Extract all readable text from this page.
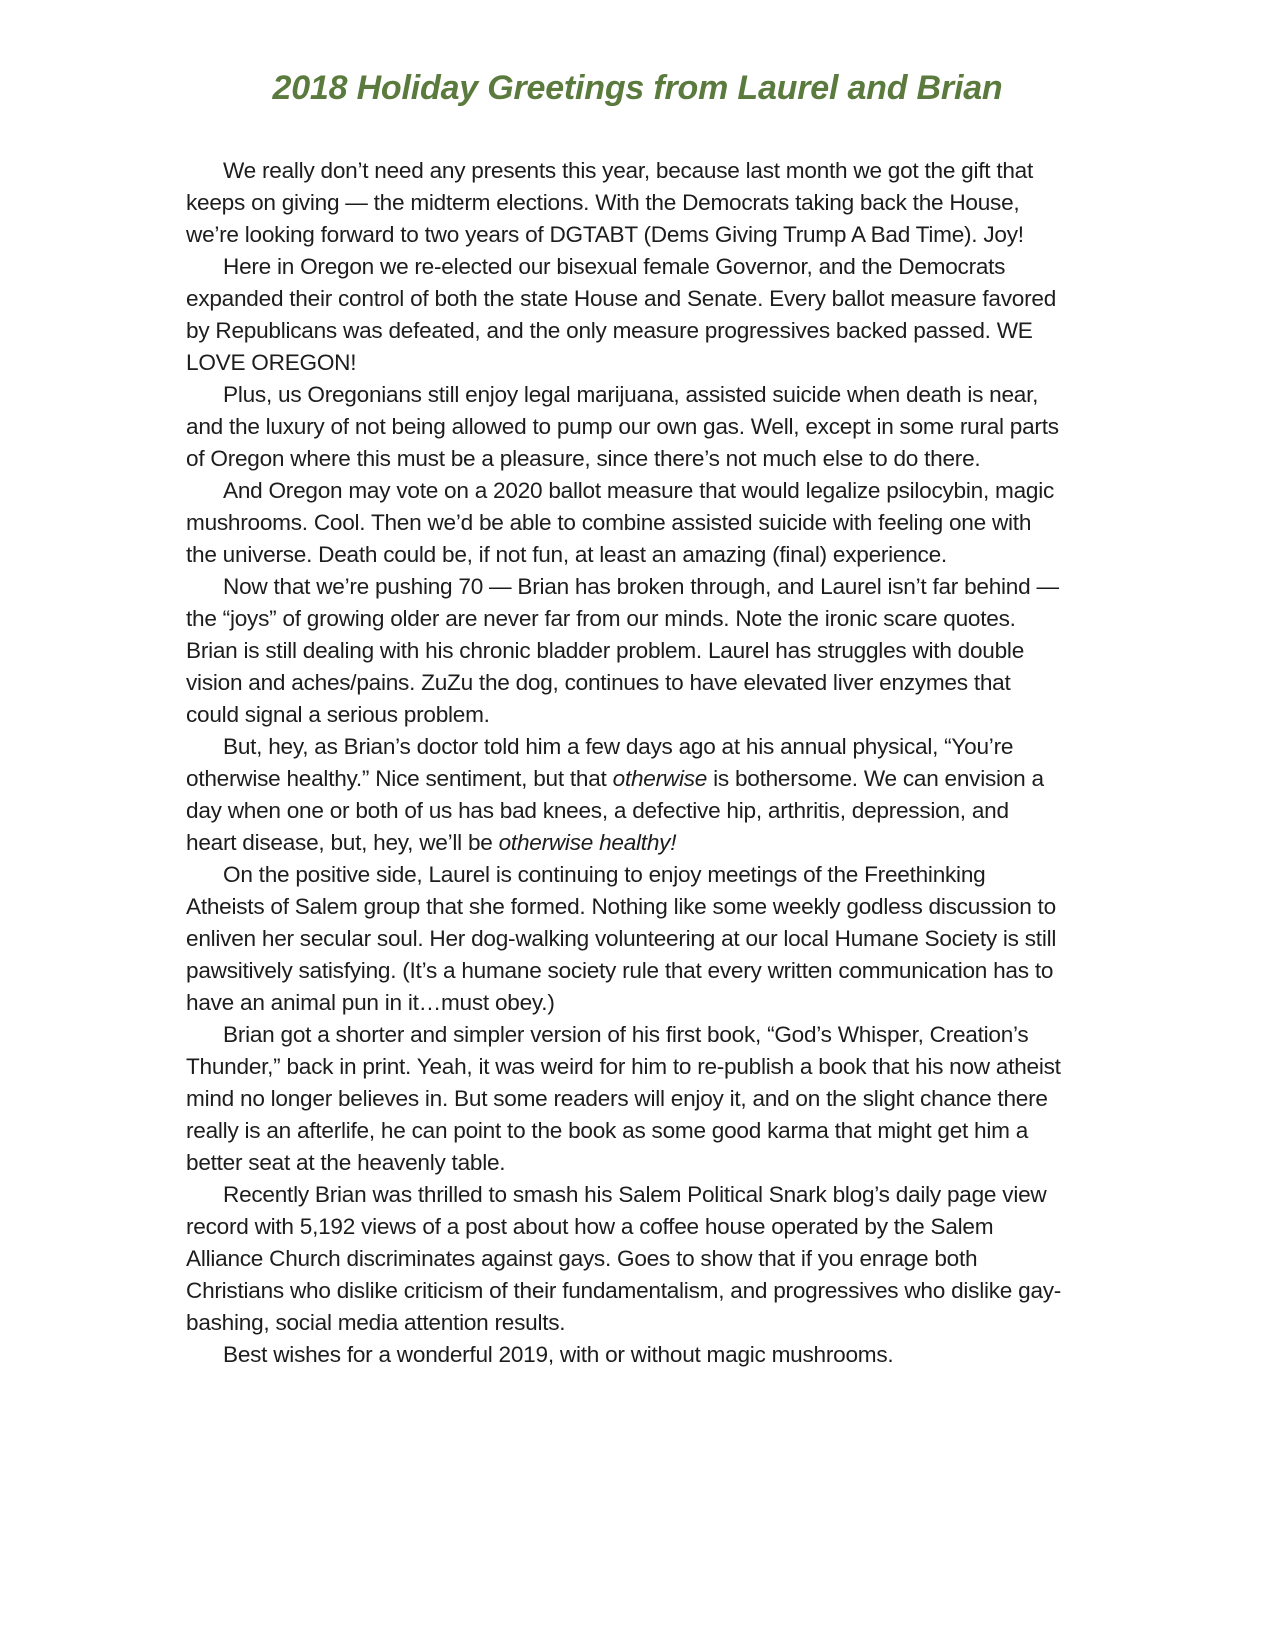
2018 Holiday Greetings from Laurel and Brian

We really don’t need any presents this year, because last month we got the gift that keeps on giving — the midterm elections. With the Democrats taking back the House, we’re looking forward to two years of DGTABT (Dems Giving Trump A Bad Time). Joy!

Here in Oregon we re-elected our bisexual female Governor, and the Democrats expanded their control of both the state House and Senate. Every ballot measure favored by Republicans was defeated, and the only measure progressives backed passed. WE LOVE OREGON!

Plus, us Oregonians still enjoy legal marijuana, assisted suicide when death is near, and the luxury of not being allowed to pump our own gas. Well, except in some rural parts of Oregon where this must be a pleasure, since there’s not much else to do there.

And Oregon may vote on a 2020 ballot measure that would legalize psilocybin, magic mushrooms. Cool. Then we’d be able to combine assisted suicide with feeling one with the universe. Death could be, if not fun, at least an amazing (final) experience.

Now that we’re pushing 70 — Brian has broken through, and Laurel isn’t far behind — the “joys” of growing older are never far from our minds. Note the ironic scare quotes. Brian is still dealing with his chronic bladder problem. Laurel has struggles with double vision and aches/pains. ZuZu the dog, continues to have elevated liver enzymes that could signal a serious problem.

But, hey, as Brian’s doctor told him a few days ago at his annual physical, “You’re otherwise healthy.” Nice sentiment, but that otherwise is bothersome. We can envision a day when one or both of us has bad knees, a defective hip, arthritis, depression, and heart disease, but, hey, we’ll be otherwise healthy!

On the positive side, Laurel is continuing to enjoy meetings of the Freethinking Atheists of Salem group that she formed. Nothing like some weekly godless discussion to enliven her secular soul. Her dog-walking volunteering at our local Humane Society is still pawsitively satisfying. (It’s a humane society rule that every written communication has to have an animal pun in it…must obey.)

Brian got a shorter and simpler version of his first book, “God’s Whisper, Creation’s Thunder,” back in print. Yeah, it was weird for him to re-publish a book that his now atheist mind no longer believes in. But some readers will enjoy it, and on the slight chance there really is an afterlife, he can point to the book as some good karma that might get him a better seat at the heavenly table.

Recently Brian was thrilled to smash his Salem Political Snark blog’s daily page view record with 5,192 views of a post about how a coffee house operated by the Salem Alliance Church discriminates against gays. Goes to show that if you enrage both Christians who dislike criticism of their fundamentalism, and progressives who dislike gay-bashing, social media attention results.

Best wishes for a wonderful 2019, with or without magic mushrooms.
